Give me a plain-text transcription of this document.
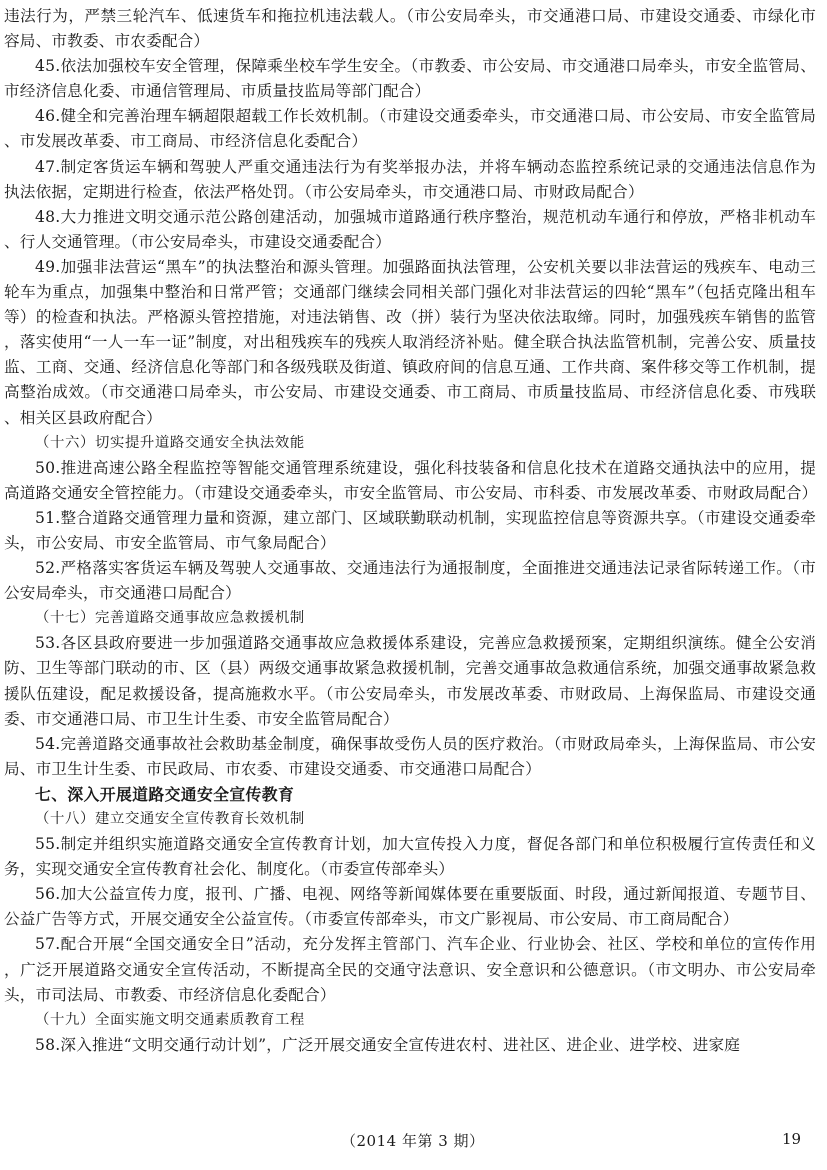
违法行为，严禁三轮汽车、低速货车和拖拉机违法载人。（市公安局牵头，市交通港口局、市建设交通委、市绿化市容局、市教委、市农委配合）

45.依法加强校车安全管理，保障乘坐校车学生安全。（市教委、市公安局、市交通港口局牵头，市安全监管局、市经济信息化委、市通信管理局、市质量技监局等部门配合）

46.健全和完善治理车辆超限超载工作长效机制。（市建设交通委牵头，市交通港口局、市公安局、市安全监管局、市发展改革委、市工商局、市经济信息化委配合）

47.制定客货运车辆和驾驶人严重交通违法行为有奖举报办法，并将车辆动态监控系统记录的交通违法信息作为执法依据，定期进行检查，依法严格处罚。（市公安局牵头，市交通港口局、市财政局配合）

48.大力推进文明交通示范公路创建活动，加强城市道路通行秩序整治，规范机动车通行和停放，严格非机动车、行人交通管理。（市公安局牵头，市建设交通委配合）

49.加强非法营运“黑车”的执法整治和源头管理。加强路面执法管理，公安机关要以非法营运的残疾车、电动三轮车为重点，加强集中整治和日常严管；交通部门继续会同相关部门强化对非法营运的四轮“黑车”（包括克隆出租车等）的检查和执法。严格源头管控措施，对违法销售、改（拼）装行为坚决依法取缔。同时，加强残疾车销售的监管，落实使用“一人一车一证”制度，对出租残疾车的残疾人取消经济补贴。健全联合执法监管机制，完善公安、质量技监、工商、交通、经济信息化等部门和各级残联及街道、镇政府间的信息互通、工作共商、案件移交等工作机制，提高整治成效。（市交通港口局牵头，市公安局、市建设交通委、市工商局、市质量技监局、市经济信息化委、市残联、相关区县政府配合）

（十六）切实提升道路交通安全执法效能

50.推进高速公路全程监控等智能交通管理系统建设，强化科技装备和信息化技术在道路交通执法中的应用，提高道路交通安全管控能力。（市建设交通委牵头，市安全监管局、市公安局、市科委、市发展改革委、市财政局配合）

51.整合道路交通管理力量和资源，建立部门、区域联勤联动机制，实现监控信息等资源共享。（市建设交通委牵头，市公安局、市安全监管局、市气象局配合）

52.严格落实客货运车辆及驾驶人交通事故、交通违法行为通报制度，全面推进交通违法记录省际转递工作。（市公安局牵头，市交通港口局配合）

（十七）完善道路交通事故应急救援机制

53.各区县政府要进一步加强道路交通事故应急救援体系建设，完善应急救援预案，定期组织演练。健全公安消防、卫生等部门联动的市、区（县）两级交通事故紧急救援机制，完善交通事故急救通信系统，加强交通事故紧急救援队伍建设，配足救援设备，提高施救水平。（市公安局牵头，市发展改革委、市财政局、上海保监局、市建设交通委、市交通港口局、市卫生计生委、市安全监管局配合）

54.完善道路交通事故社会救助基金制度，确保事故受伤人员的医疗救治。（市财政局牵头，上海保监局、市公安局、市卫生计生委、市民政局、市农委、市建设交通委、市交通港口局配合）

七、深入开展道路交通安全宣传教育

（十八）建立交通安全宣传教育长效机制

55.制定并组织实施道路交通安全宣传教育计划，加大宣传投入力度，督促各部门和单位积极履行宣传责任和义务，实现交通安全宣传教育社会化、制度化。（市委宣传部牵头）

56.加大公益宣传力度，报刊、广播、电视、网络等新闻媒体要在重要版面、时段，通过新闻报道、专题节目、公益广告等方式，开展交通安全公益宣传。（市委宣传部牵头，市文广影视局、市公安局、市工商局配合）

57.配合开展“全国交通安全日”活动，充分发挥主管部门、汽车企业、行业协会、社区、学校和单位的宣传作用，广泛开展道路交通安全宣传活动，不断提高全民的交通守法意识、安全意识和公德意识。（市文明办、市公安局牵头，市司法局、市教委、市经济信息化委配合）

（十九）全面实施文明交通素质教育工程

58.深入推进“文明交通行动计划”，广泛开展交通安全宣传进农村、进社区、进企业、进学校、进家庭

（2014 年第 3 期）	19
